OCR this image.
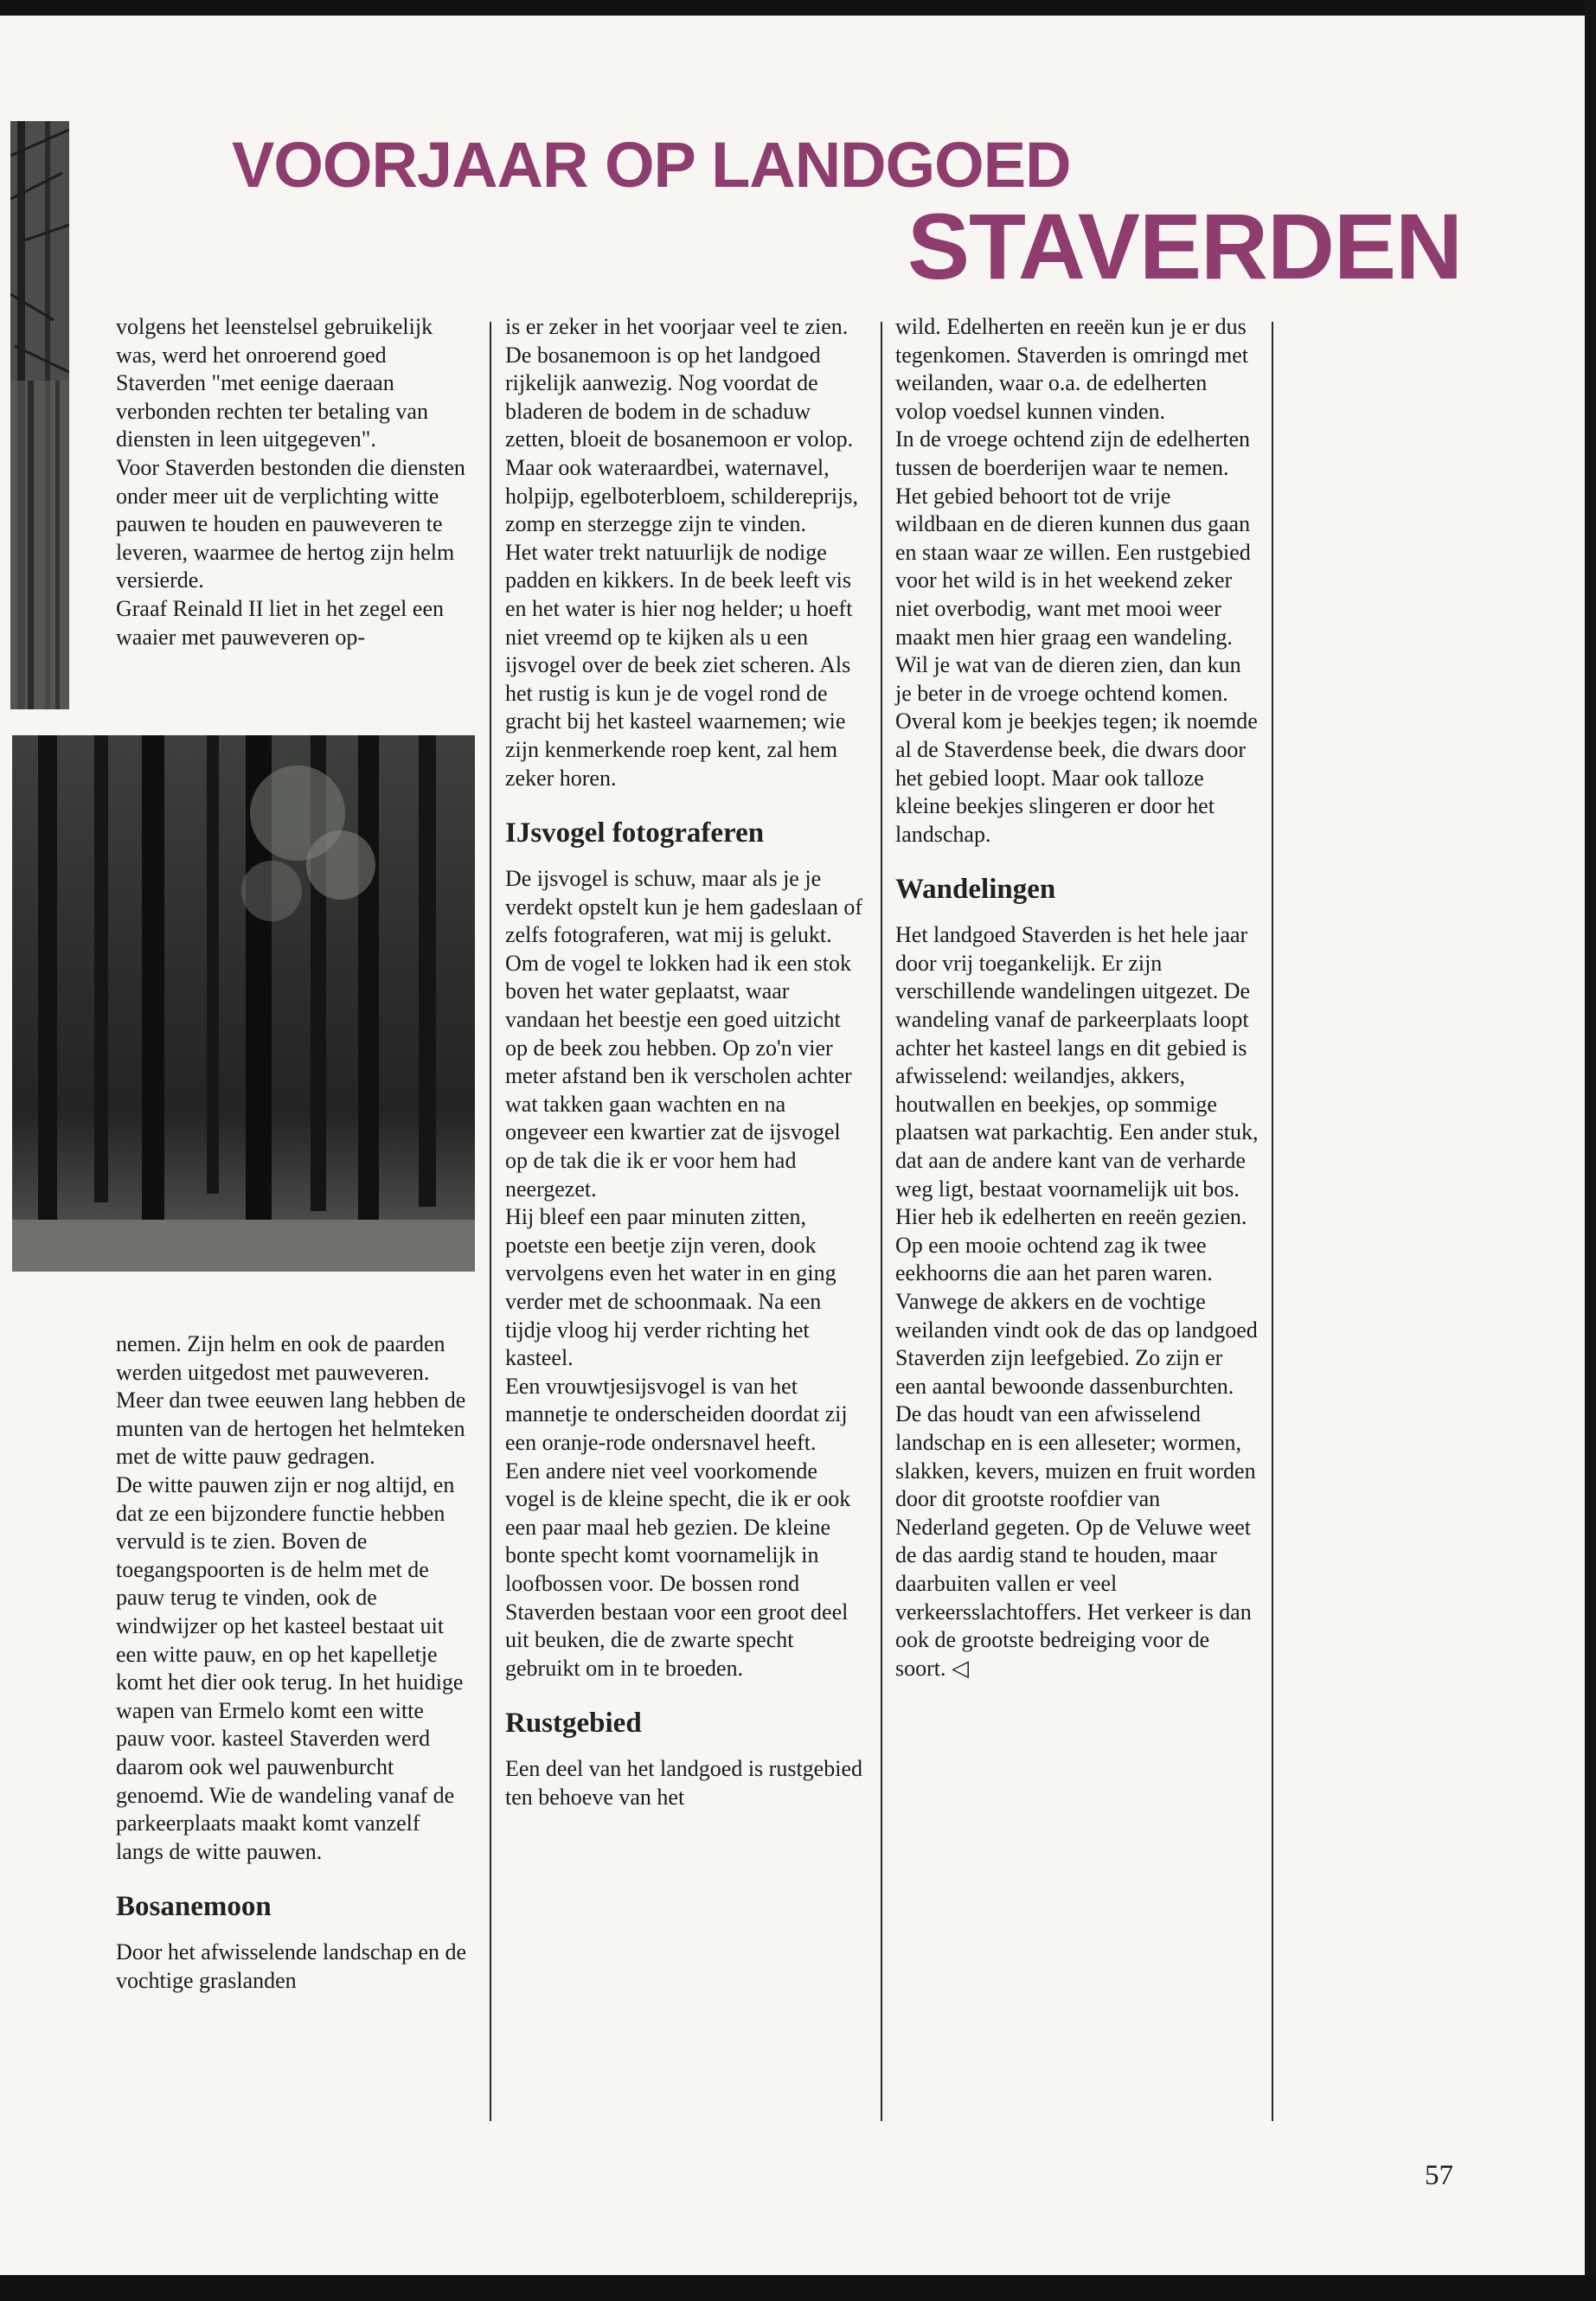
VOORJAAR OP LANDGOED
STAVERDEN

volgens het leenstelsel gebruikelijk was, werd het onroerend goed Staverden "met eenige daeraan verbonden rechten ter betaling van diensten in leen uitgegeven".

Voor Staverden bestonden die diensten onder meer uit de verplichting witte pauwen te houden en pauweveren te leveren, waarmee de hertog zijn helm versierde.

Graaf Reinald II liet in het zegel een waaier met pauweveren op-

nemen. Zijn helm en ook de paarden werden uitgedost met pauweveren. Meer dan twee eeuwen lang hebben de munten van de hertogen het helmteken met de witte pauw gedragen.

De witte pauwen zijn er nog altijd, en dat ze een bijzondere functie hebben vervuld is te zien. Boven de toegangspoorten is de helm met de pauw terug te vinden, ook de windwijzer op het kasteel bestaat uit een witte pauw, en op het kapelletje komt het dier ook terug. In het huidige wapen van Ermelo komt een witte pauw voor. kasteel Staverden werd daarom ook wel pauwenburcht genoemd. Wie de wandeling vanaf de parkeerplaats maakt komt vanzelf langs de witte pauwen.

Bosanemoon

Door het afwisselende landschap en de vochtige graslanden

is er zeker in het voorjaar veel te zien. De bosanemoon is op het landgoed rijkelijk aanwezig. Nog voordat de bladeren de bodem in de schaduw zetten, bloeit de bosanemoon er volop. Maar ook wateraardbei, waternavel, holpijp, egelboterbloem, schildereprijs, zomp en sterzegge zijn te vinden.

Het water trekt natuurlijk de nodige padden en kikkers. In de beek leeft vis en het water is hier nog helder; u hoeft niet vreemd op te kijken als u een ijsvogel over de beek ziet scheren. Als het rustig is kun je de vogel rond de gracht bij het kasteel waarnemen; wie zijn kenmerkende roep kent, zal hem zeker horen.

IJsvogel fotograferen

De ijsvogel is schuw, maar als je je verdekt opstelt kun je hem gadeslaan of zelfs fotograferen, wat mij is gelukt. Om de vogel te lokken had ik een stok boven het water geplaatst, waar vandaan het beestje een goed uitzicht op de beek zou hebben. Op zo'n vier meter afstand ben ik verscholen achter wat takken gaan wachten en na ongeveer een kwartier zat de ijsvogel op de tak die ik er voor hem had neergezet.

Hij bleef een paar minuten zitten, poetste een beetje zijn veren, dook vervolgens even het water in en ging verder met de schoonmaak. Na een tijdje vloog hij verder richting het kasteel.

Een vrouwtjesijsvogel is van het mannetje te onderscheiden doordat zij een oranje-rode ondersnavel heeft.

Een andere niet veel voorkomende vogel is de kleine specht, die ik er ook een paar maal heb gezien. De kleine bonte specht komt voornamelijk in loofbossen voor. De bossen rond Staverden bestaan voor een groot deel uit beuken, die de zwarte specht gebruikt om in te broeden.

Rustgebied

Een deel van het landgoed is rustgebied ten behoeve van het

wild. Edelherten en reeën kun je er dus tegenkomen. Staverden is omringd met weilanden, waar o.a. de edelherten volop voedsel kunnen vinden.

In de vroege ochtend zijn de edelherten tussen de boerderijen waar te nemen. Het gebied behoort tot de vrije wildbaan en de dieren kunnen dus gaan en staan waar ze willen. Een rustgebied voor het wild is in het weekend zeker niet overbodig, want met mooi weer maakt men hier graag een wandeling. Wil je wat van de dieren zien, dan kun je beter in de vroege ochtend komen.

Overal kom je beekjes tegen; ik noemde al de Staverdense beek, die dwars door het gebied loopt. Maar ook talloze kleine beekjes slingeren er door het landschap.

Wandelingen

Het landgoed Staverden is het hele jaar door vrij toegankelijk. Er zijn verschillende wandelingen uitgezet. De wandeling vanaf de parkeerplaats loopt achter het kasteel langs en dit gebied is afwisselend: weilandjes, akkers, houtwallen en beekjes, op sommige plaatsen wat parkachtig. Een ander stuk, dat aan de andere kant van de verharde weg ligt, bestaat voornamelijk uit bos. Hier heb ik edelherten en reeën gezien. Op een mooie ochtend zag ik twee eekhoorns die aan het paren waren.

Vanwege de akkers en de vochtige weilanden vindt ook de das op landgoed Staverden zijn leefgebied. Zo zijn er een aantal bewoonde dassenburchten. De das houdt van een afwisselend landschap en is een alleseter; wormen, slakken, kevers, muizen en fruit worden door dit grootste roofdier van Nederland gegeten. Op de Veluwe weet de das aardig stand te houden, maar daarbuiten vallen er veel verkeersslachtoffers. Het verkeer is dan ook de grootste bedreiging voor de soort. ◁

57
